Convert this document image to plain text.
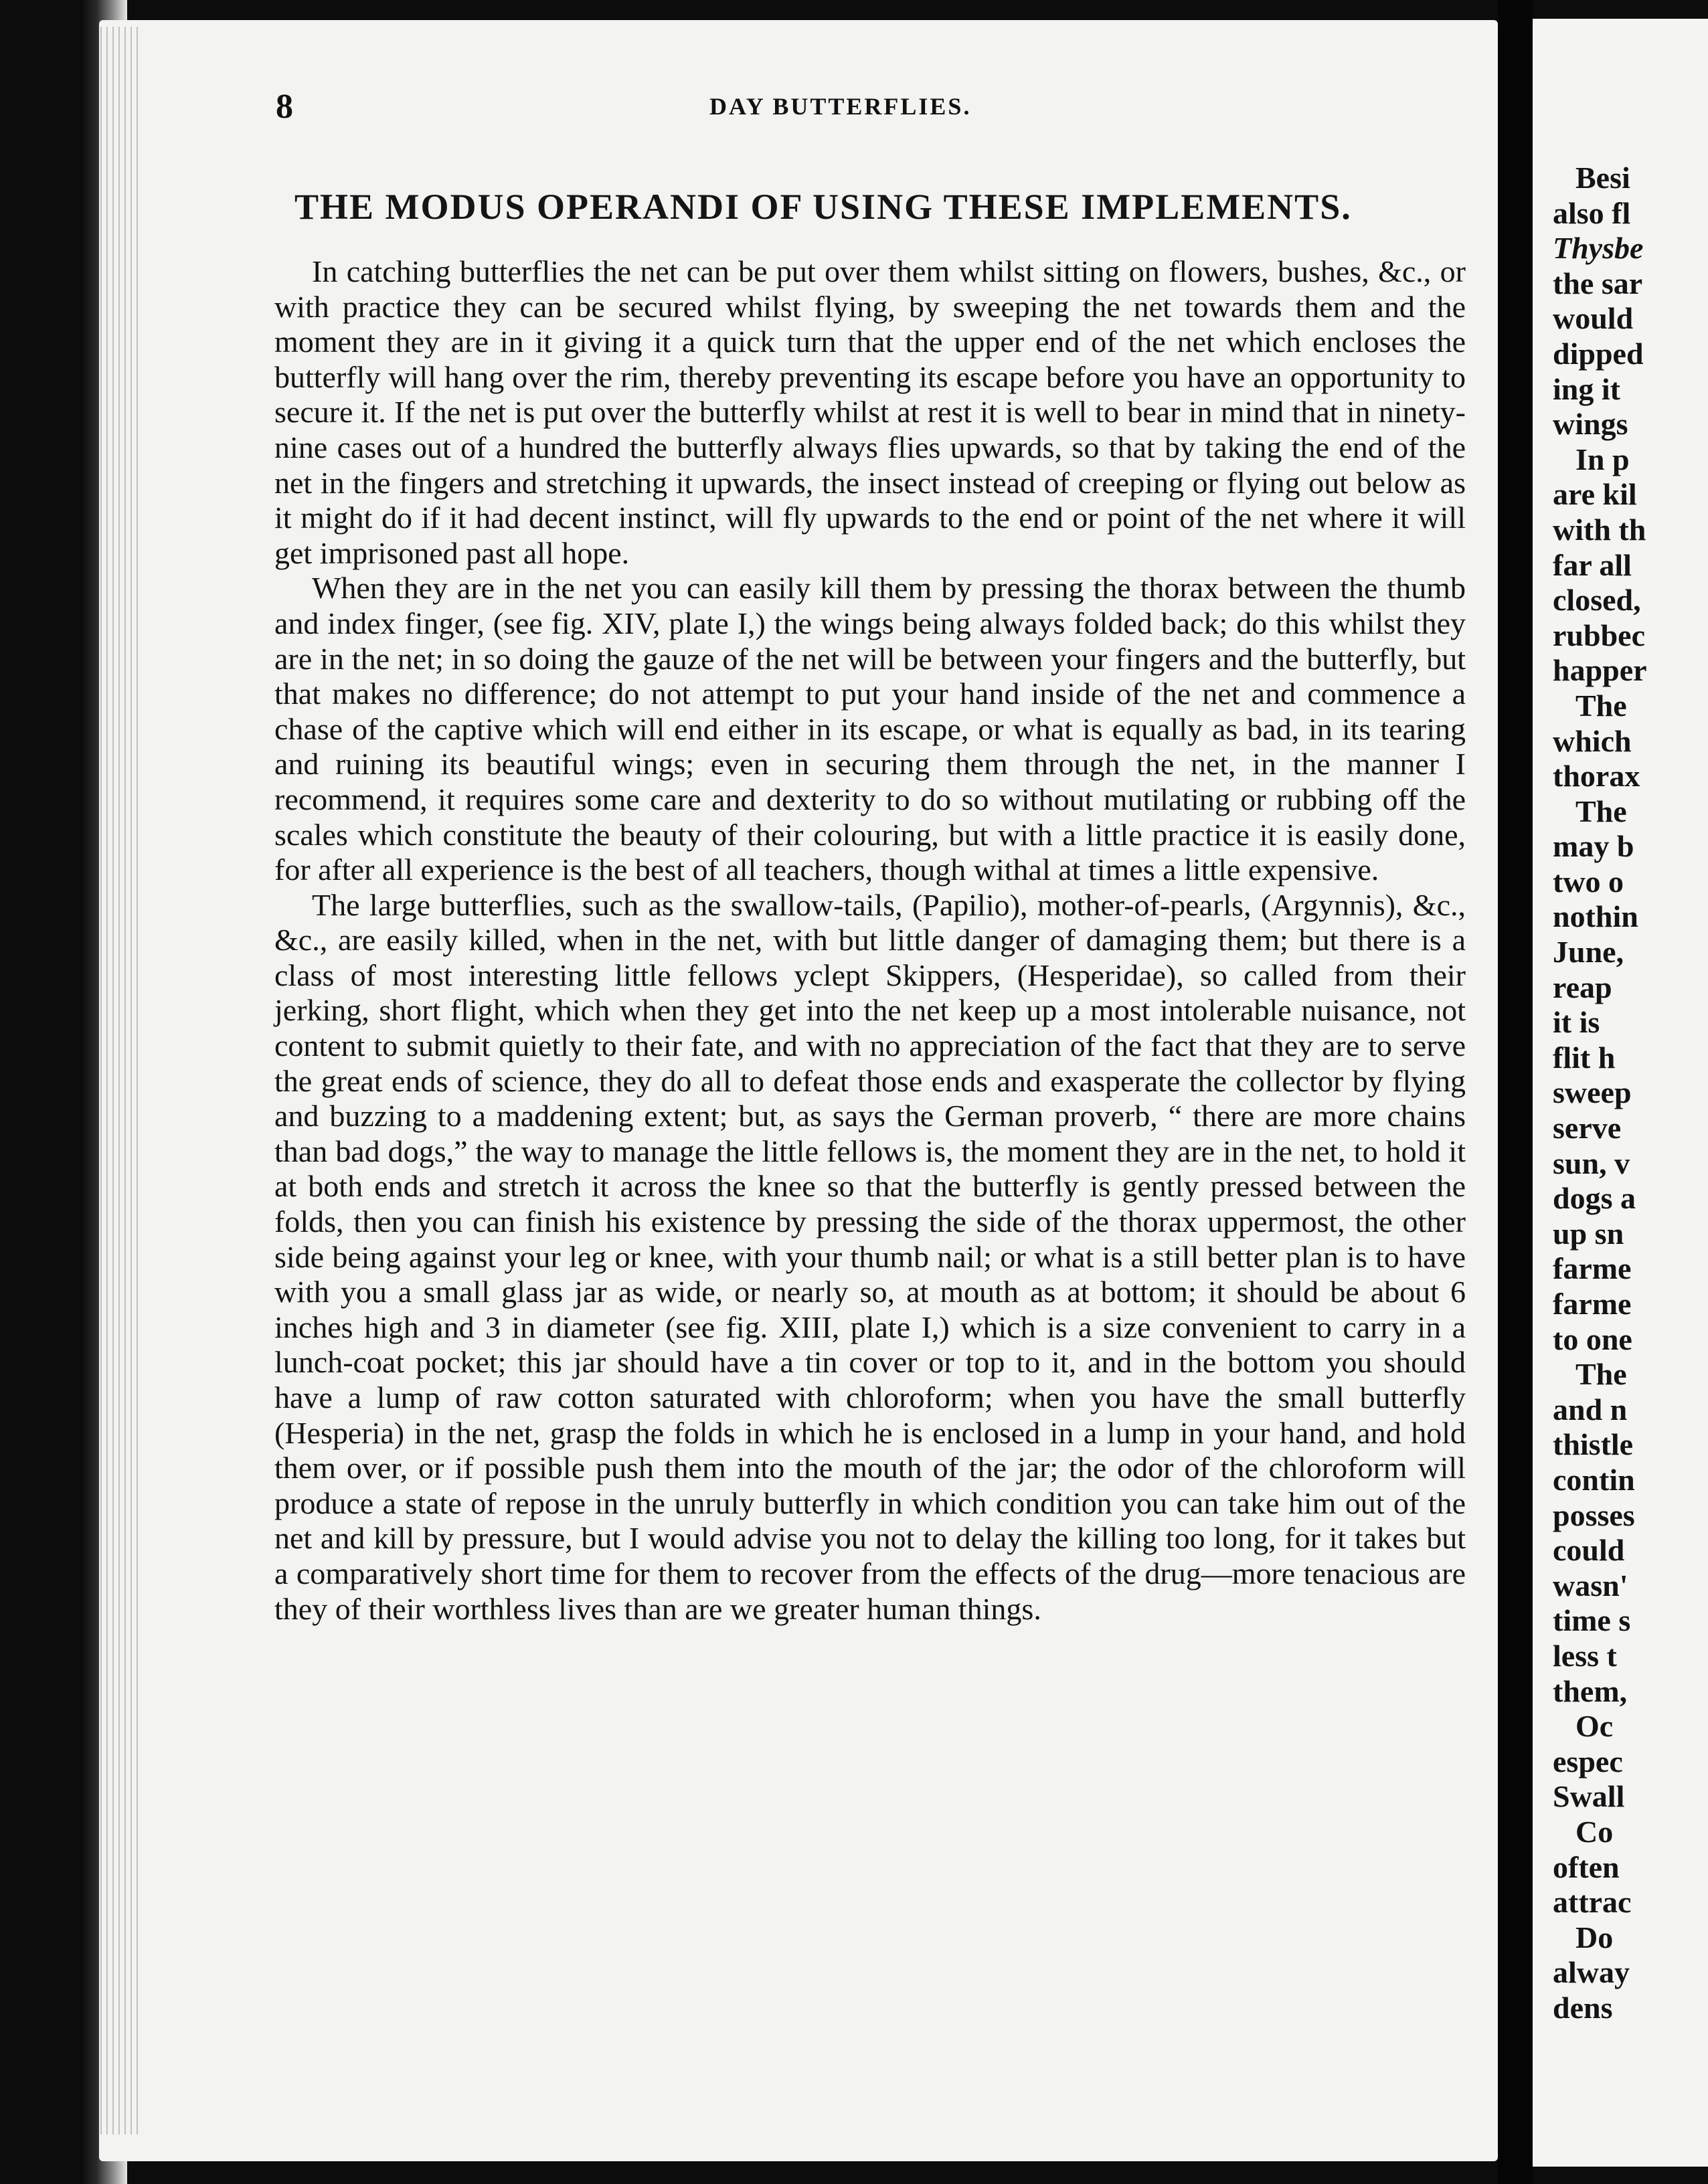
8	DAY BUTTERFLIES.
THE MODUS OPERANDI OF USING THESE IMPLEMENTS.

In catching butterflies the net can be put over them whilst sitting on flowers, bushes, &c., or with practice they can be secured whilst flying, by sweeping the net towards them and the moment they are in it giving it a quick turn that the upper end of the net which encloses the butterfly will hang over the rim, thereby preventing its escape before you have an opportunity to secure it. If the net is put over the butterfly whilst at rest it is well to bear in mind that in ninety-nine cases out of a hundred the butterfly always flies upwards, so that by taking the end of the net in the fingers and stretching it upwards, the insect instead of creeping or flying out below as it might do if it had decent instinct, will fly upwards to the end or point of the net where it will get imprisoned past all hope.

When they are in the net you can easily kill them by pressing the thorax between the thumb and index finger, (see fig. XIV, plate I,) the wings being always folded back; do this whilst they are in the net; in so doing the gauze of the net will be between your fingers and the butterfly, but that makes no difference; do not attempt to put your hand inside of the net and commence a chase of the captive which will end either in its escape, or what is equally as bad, in its tearing and ruining its beautiful wings; even in securing them through the net, in the manner I recommend, it requires some care and dexterity to do so without mutilating or rubbing off the scales which constitute the beauty of their colouring, but with a little practice it is easily done, for after all experience is the best of all teachers, though withal at times a little expensive.

The large butterflies, such as the swallow-tails, (Papilio), mother-of-pearls, (Argynnis), &c., &c., are easily killed, when in the net, with but little danger of damaging them; but there is a class of most interesting little fellows yclept Skippers, (Hesperidae), so called from their jerking, short flight, which when they get into the net keep up a most intolerable nuisance, not content to submit quietly to their fate, and with no appreciation of the fact that they are to serve the great ends of science, they do all to defeat those ends and exasperate the collector by flying and buzzing to a maddening extent; but, as says the German proverb, “ there are more chains than bad dogs,” the way to manage the little fellows is, the moment they are in the net, to hold it at both ends and stretch it across the knee so that the butterfly is gently pressed between the folds, then you can finish his existence by pressing the side of the thorax uppermost, the other side being against your leg or knee, with your thumb nail; or what is a still better plan is to have with you a small glass jar as wide, or nearly so, at mouth as at bottom; it should be about 6 inches high and 3 in diameter (see fig. XIII, plate I,) which is a size convenient to carry in a lunch-coat pocket; this jar should have a tin cover or top to it, and in the bottom you should have a lump of raw cotton saturated with chloroform; when you have the small butterfly (Hesperia) in the net, grasp the folds in which he is enclosed in a lump in your hand, and hold them over, or if possible push them into the mouth of the jar; the odor of the chloroform will produce a state of repose in the unruly butterfly in which condition you can take him out of the net and kill by pressure, but I would advise you not to delay the killing too long, for it takes but a comparatively short time for them to recover from the effects of the drug—more tenacious are they of their worthless lives than are we greater human things.

Besi
also fl
Thysbe
the sar
would
dipped
ing it
wings
In p
are kil
with th
far all
closed,
rubbec
happer
The
which
thorax
The
may b
two o
nothin
June,
reap
it is
flit h
sweep
serve
sun, v
dogs a
up sn
farme
farme
to one
The
and n
thistle
contin
posses
could
wasn'
time s
less t
them,
Oc
espec
Swall
Co
often
attrac
Do
alway
dens
